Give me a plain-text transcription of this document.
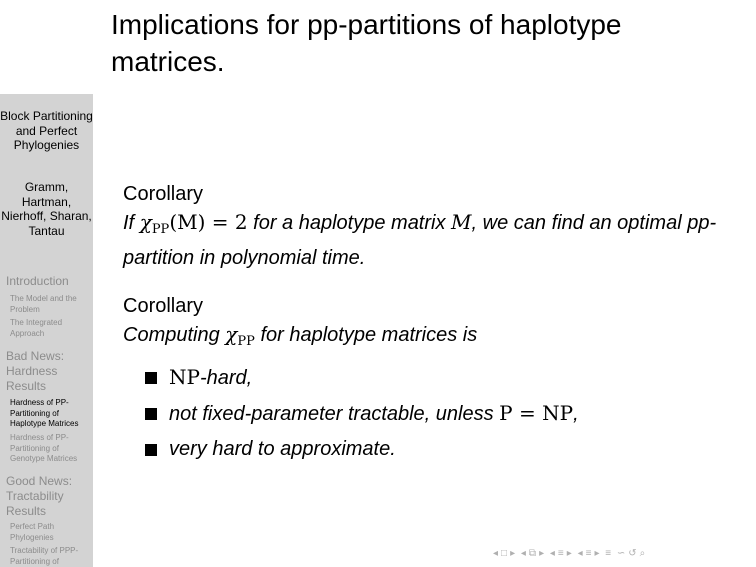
Implications for pp-partitions of haplotype matrices.
Block Partitioning and Perfect Phylogenies
Gramm, Hartman, Nierhoff, Sharan, Tantau
Introduction
The Model and the Problem
The Integrated Approach
Bad News: Hardness Results
Hardness of PP-Partitioning of Haplotype Matrices
Hardness of PP-Partitioning of Genotype Matrices
Good News: Tractability Results
Perfect Path Phylogenies
Tractability of PPP-Partitioning of
Corollary
If $\chi_{PP}(M) = 2$ for a haplotype matrix M, we can find an optimal pp-partition in polynomial time.
Corollary
Computing $\chi_{PP}$ for haplotype matrices is
NP-hard,
not fixed-parameter tractable, unless P = NP,
very hard to approximate.
◂ □ ▸ ◂ ⧉ ▸ ◂ ≡ ▸ ◂ ≡ ▸ ≡ ∽ ↺ ⌕
